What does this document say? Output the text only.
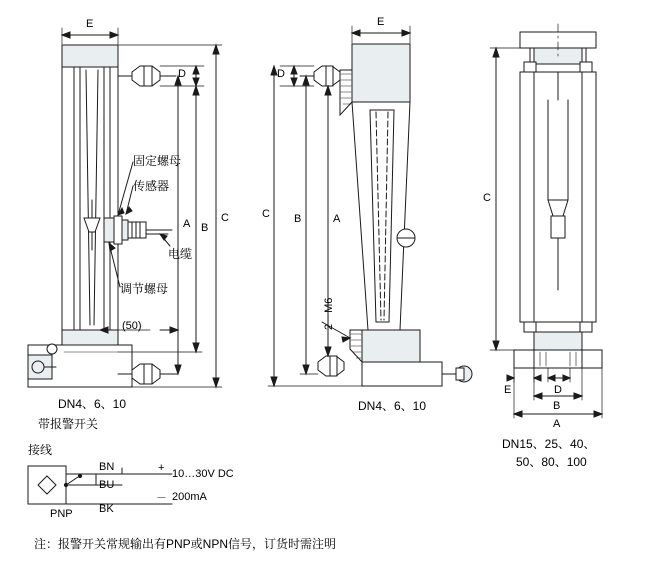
E
D
A B
C
固定螺母
传感器
电缆
调节螺母
(50)
DN4、6、10
带报警开关
E
D
A
B
C
2－M6
DN4、6、10
C
E	D
B
A
DN15、25、40、
50、80、100
接线
BN
BU
BK
+
－
10…30V DC
200mA
PNP
注：报警开关常规输出有PNP或NPN信号，订货时需注明
